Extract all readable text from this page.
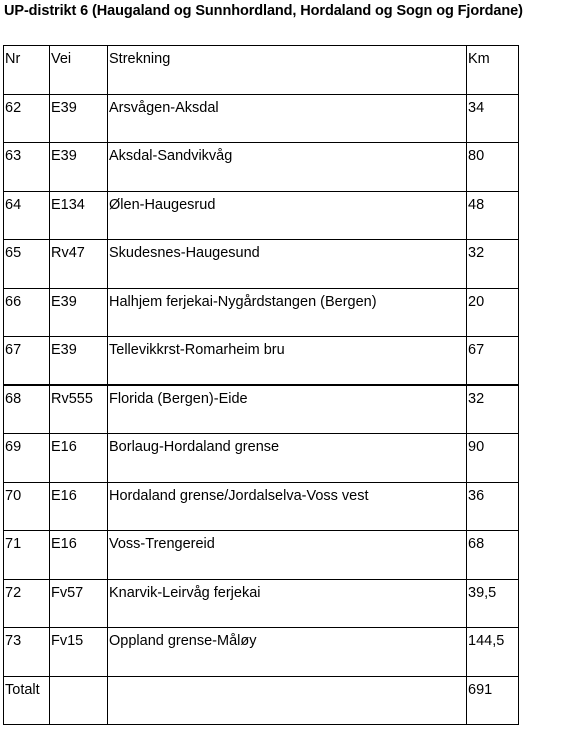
UP-distrikt 6 (Haugaland og Sunnhordland, Hordaland og Sogn og Fjordane)
Nr	Vei	Strekning	Km
62	E39	Arsvågen-Aksdal	34
63	E39	Aksdal-Sandvikvåg	80
64	E134	Ølen-Haugesrud	48
65	Rv47	Skudesnes-Haugesund	32
66	E39	Halhjem ferjekai-Nygårdstangen (Bergen)	20
67	E39	Tellevikkrst-Romarheim bru	67
68	Rv555	Florida (Bergen)-Eide	32
69	E16	Borlaug-Hordaland grense	90
70	E16	Hordaland grense/Jordalselva-Voss vest	36
71	E16	Voss-Trengereid	68
72	Fv57	Knarvik-Leirvåg ferjekai	39,5
73	Fv15	Oppland grense-Måløy	144,5
Totalt			691
